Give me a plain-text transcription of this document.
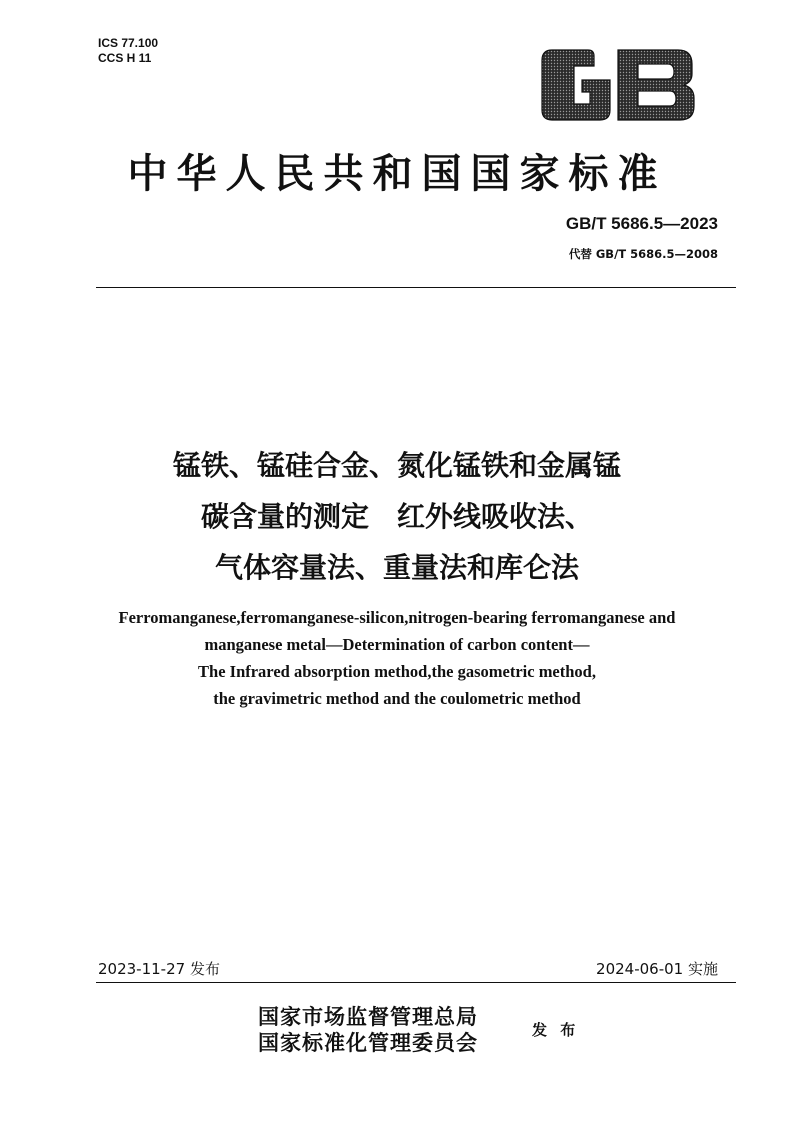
ICS 77.100
CCS H 11
GB
中华人民共和国国家标准
GB/T 5686.5—2023
代替 GB/T 5686.5—2008
锰铁、锰硅合金、氮化锰铁和金属锰
碳含量的测定　红外线吸收法、
气体容量法、重量法和库仑法
Ferromanganese,ferromanganese-silicon,nitrogen-bearing ferromanganese and
manganese metal—Determination of carbon content—
The Infrared absorption method,the gasometric method,
the gravimetric method and the coulometric method
2023-11-27 发布	2024-06-01 实施
国家市场监督管理总局
国家标准化管理委员会	发 布
